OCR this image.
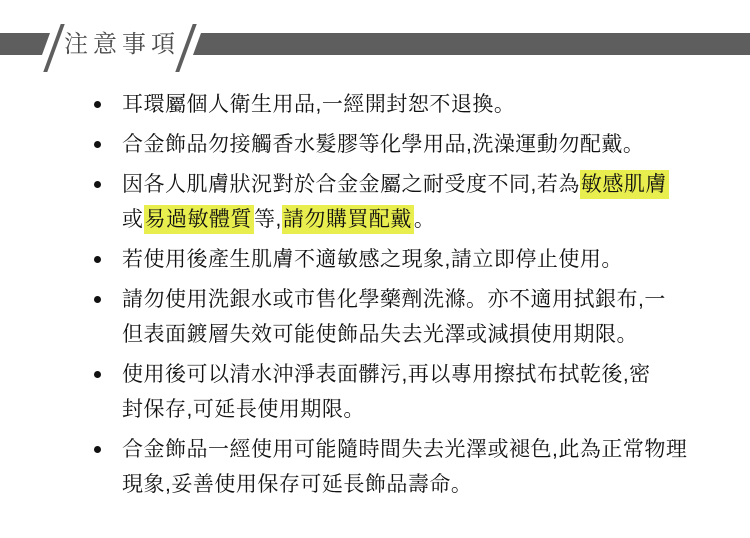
注意事項
耳環屬個人衛生用品,一經開封恕不退換。
合金飾品勿接觸香水髮膠等化學用品,洗澡運動勿配戴。
因各人肌膚狀況對於合金金屬之耐受度不同,若為敏感肌膚
或易過敏體質等,請勿購買配戴。
若使用後產生肌膚不適敏感之現象,請立即停止使用。
請勿使用洗銀水或市售化學藥劑洗滌。亦不適用拭銀布,一
但表面鍍層失效可能使飾品失去光澤或減損使用期限。
使用後可以清水沖淨表面髒污,再以專用擦拭布拭乾後,密
封保存,可延長使用期限。
合金飾品一經使用可能隨時間失去光澤或褪色,此為正常物理
現象,妥善使用保存可延長飾品壽命。
